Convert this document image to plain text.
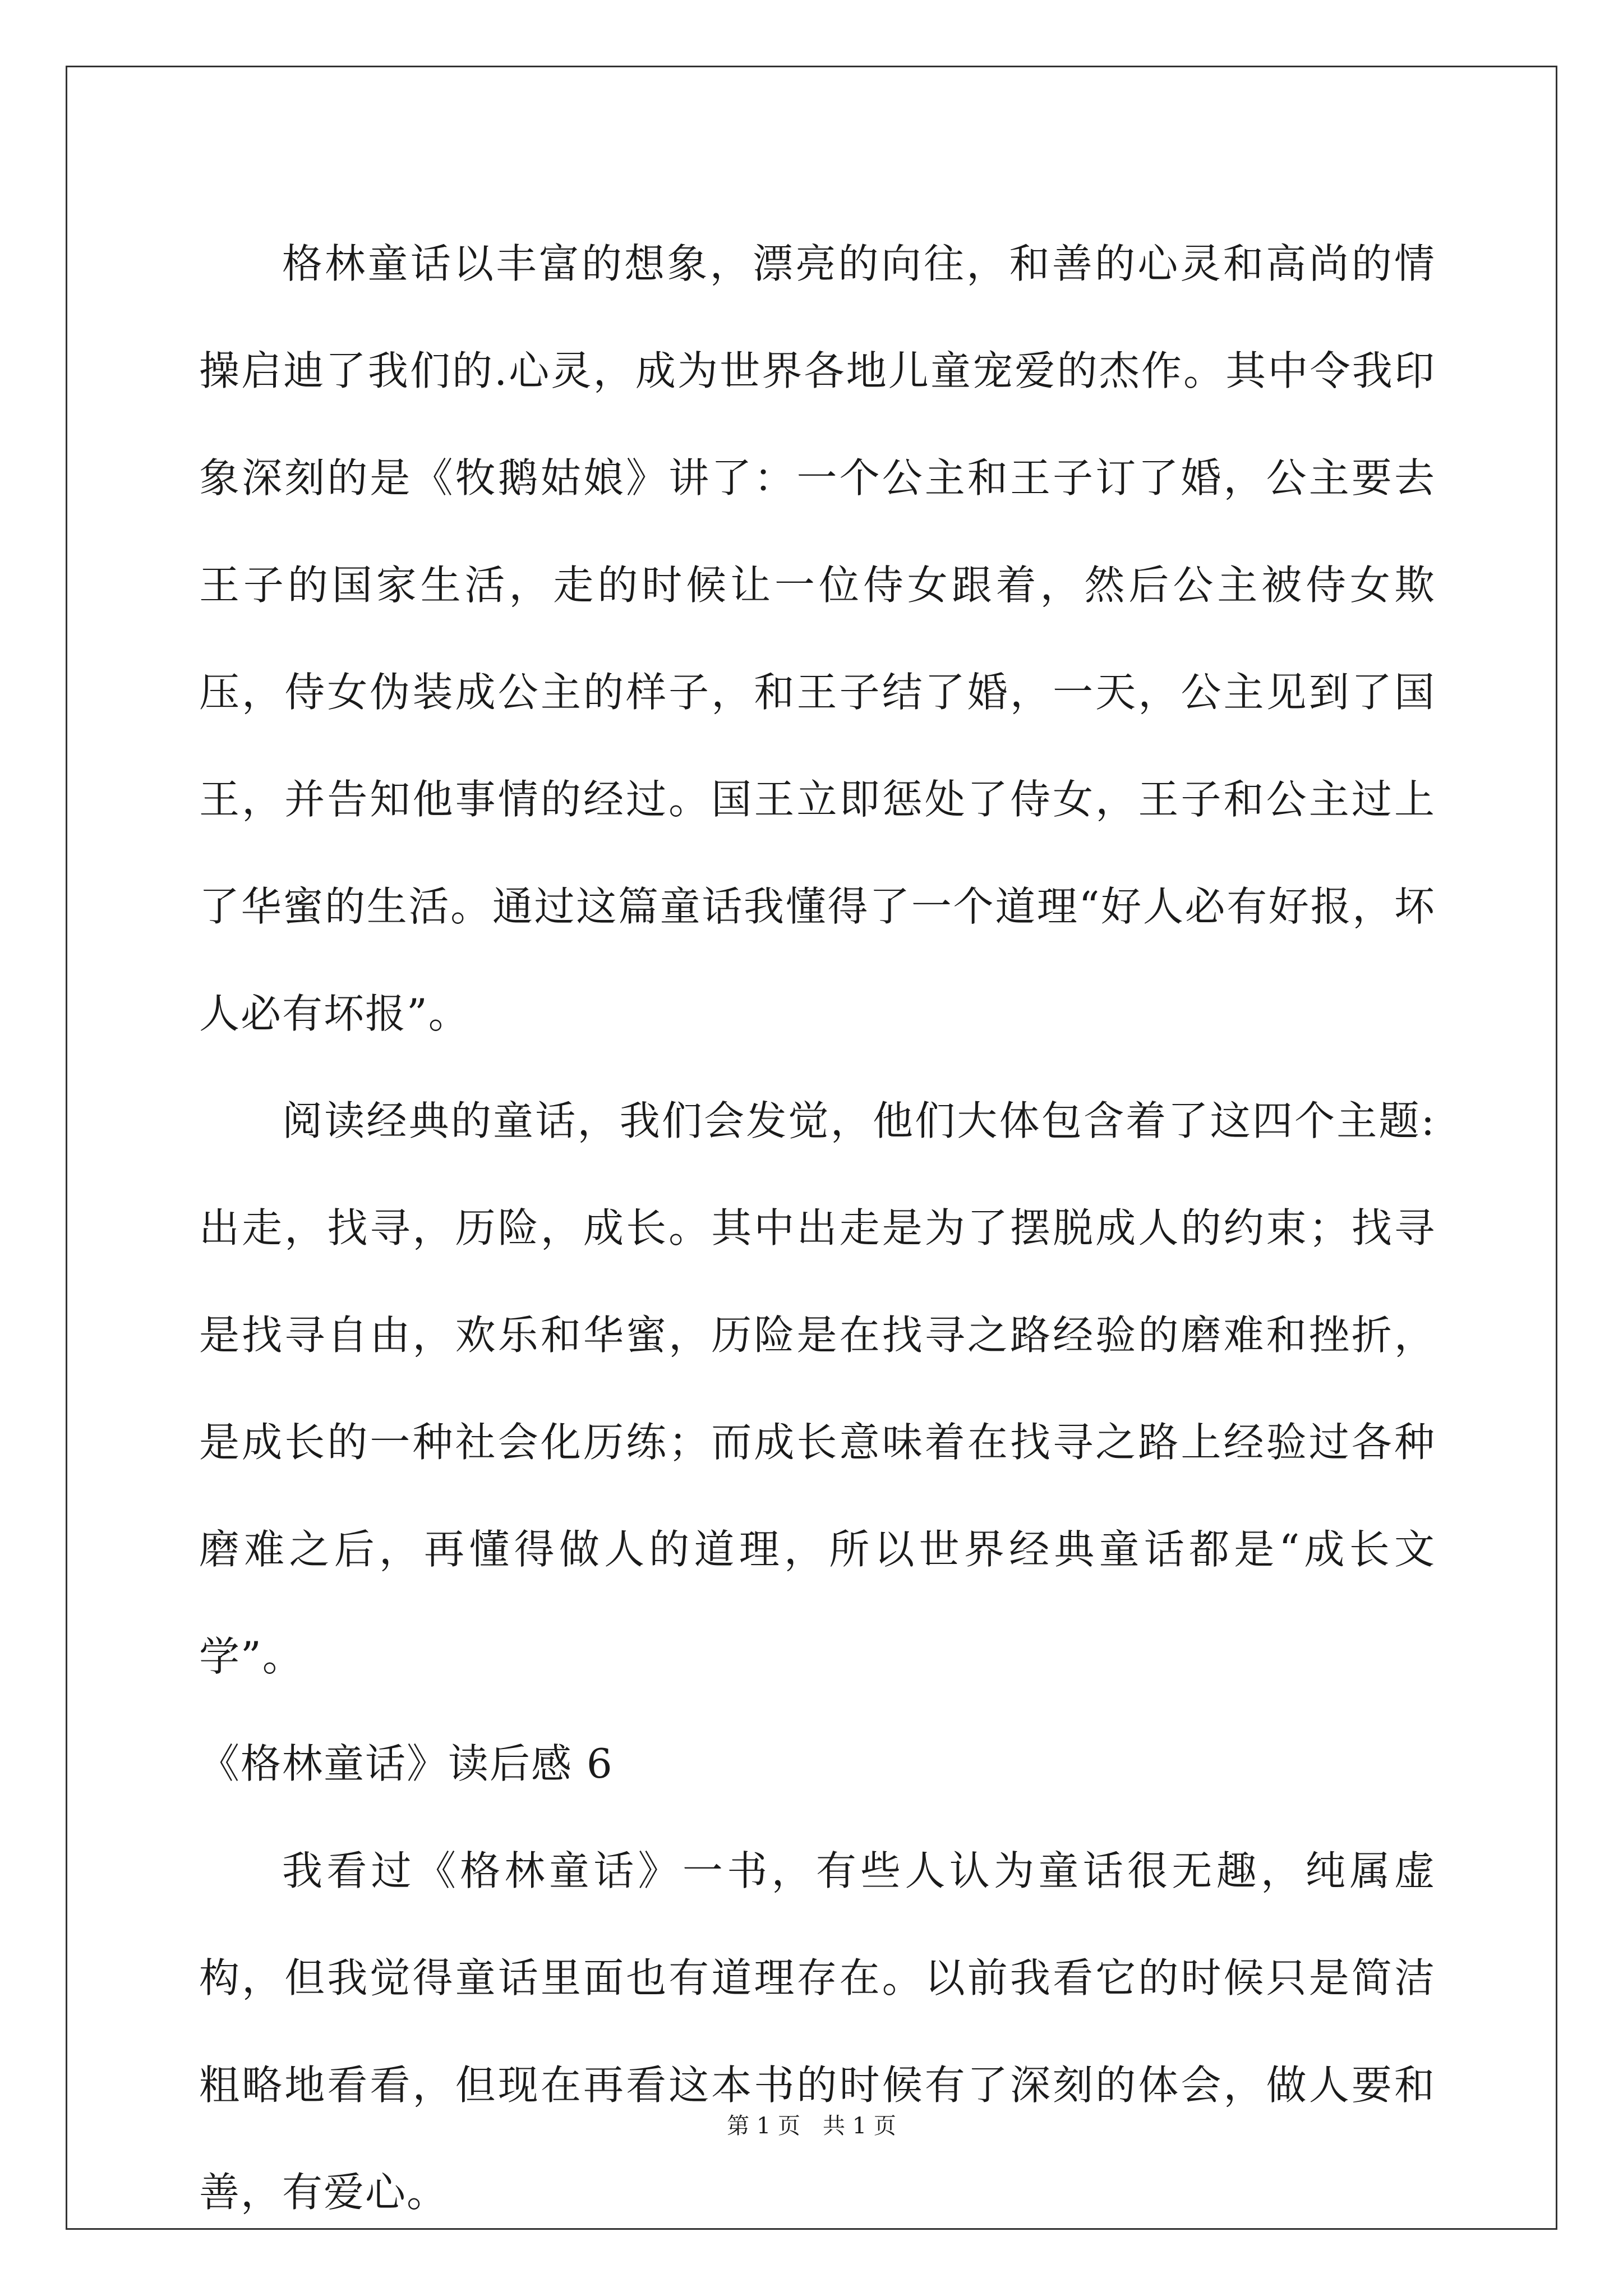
格林童话以丰富的想象，漂亮的向往，和善的心灵和高尚的情操启迪了我们的.心灵，成为世界各地儿童宠爱的杰作。其中令我印象深刻的是《牧鹅姑娘》讲了：一个公主和王子订了婚，公主要去王子的国家生活，走的时候让一位侍女跟着，然后公主被侍女欺压，侍女伪装成公主的样子，和王子结了婚，一天，公主见到了国王，并告知他事情的经过。国王立即惩处了侍女，王子和公主过上了华蜜的生活。通过这篇童话我懂得了一个道理“好人必有好报，坏人必有坏报”。

阅读经典的童话，我们会发觉，他们大体包含着了这四个主题:出走，找寻，历险，成长。其中出走是为了摆脱成人的约束；找寻是找寻自由，欢乐和华蜜，历险是在找寻之路经验的磨难和挫折，是成长的一种社会化历练；而成长意味着在找寻之路上经验过各种磨难之后，再懂得做人的道理，所以世界经典童话都是“成长文学”。

《格林童话》读后感 6

我看过《格林童话》一书，有些人认为童话很无趣，纯属虚构，但我觉得童话里面也有道理存在。以前我看它的时候只是简洁粗略地看看，但现在再看这本书的时候有了深刻的体会，做人要和善，有爱心。

第 1 页　共 1 页
